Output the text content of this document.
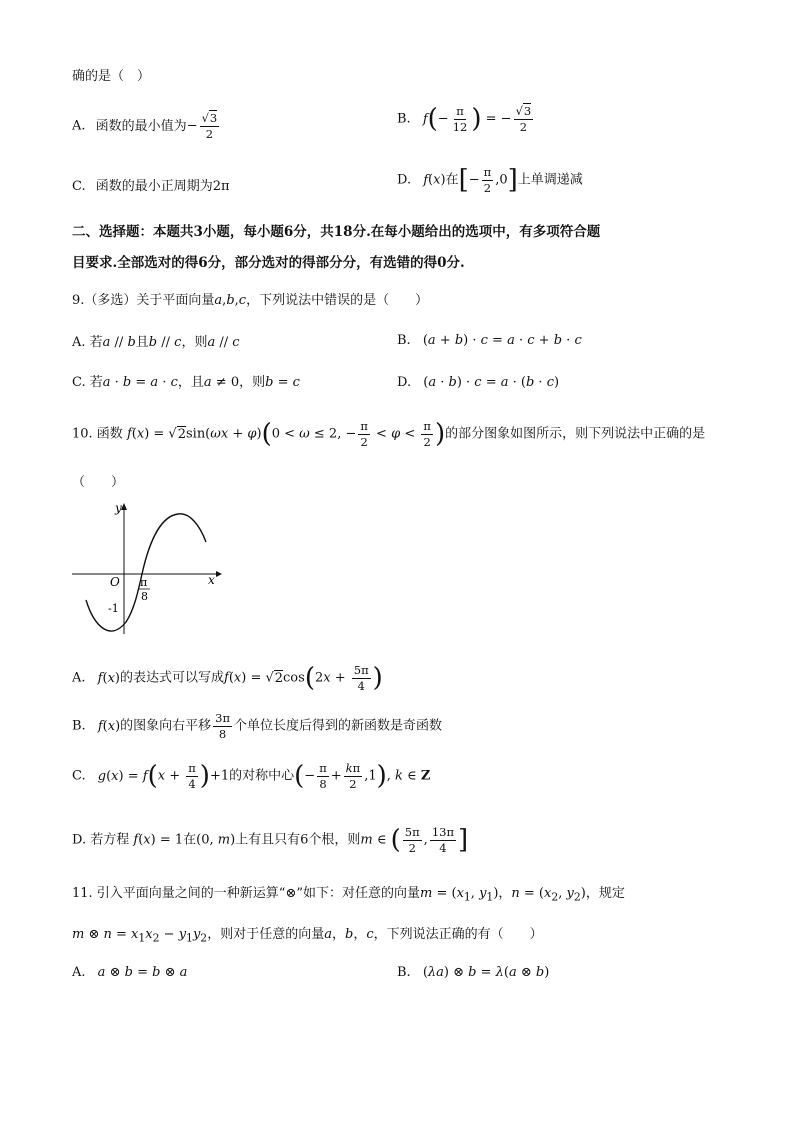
确的是（　）
A. 函数的最小值为− $\frac{√3}{2}$	B. $f(- \frac{\pi}{12}$ ) = − $\frac{√3}{2}$
C. 函数的最小正周期为2π	D. f(x)在[− $\frac{\pi}{2} ,0$]上单调递减
二、选择题：本题共3小题，每小题6分，共18分.在每小题给出的选项中，有多项符合题
目要求.全部选对的得6分，部分选对的得部分分，有选错的得0分.
9.（多选）关于平面向量a,b,c，下列说法中错误的是（　　）
A. 若a // b且b // c，则a // c	B. (a + b) · c = a · c + b · c
C. 若a · b = a · c，且a ≠ 0，则b = c	D. (a · b) · c = a · (b · c)
10. 函数 f(x) = √2sin(ωx + φ)(0 < ω ≤ 2, − $\frac{\pi}{2} < \varphi < \frac{\pi}{2}$ )的部分图象如图所示，则下列说法中正确的是
（　　）
y
x
O
-1
π
8
A. f(x)的表达式可以写成$f(x) = √2\cos(2x + \frac{5\pi}{4}$ )
B. f(x)的图象向右平移 $\frac{3\pi}{8}$ 个单位长度后得到的新函数是奇函数
C. $g(x) = f(x + \frac{\pi}{4} )+1$的对称中心(− $\frac{\pi}{8} + \frac{k\pi}{2} ,1$), k ∈ Z
D. 若方程 f(x) = 1在(0, m)上有且只有6个根，则m ∈ ( $\frac{5\pi}{2}$ , $\frac{13\pi}{4}$ ]
11. 引入平面向量之间的一种新运算“⊗”如下：对任意的向量$m = (x_1$, $y_1$)，$n = (x_2$, $y_2$)，规定
m ⊗ $n = x_1x_2 - y_1y_2$，则对于任意的向量a，b，c，下列说法正确的有（　　）
A. a ⊗ b = b ⊗ a	B. (λa) ⊗ b = λ(a ⊗ b)
